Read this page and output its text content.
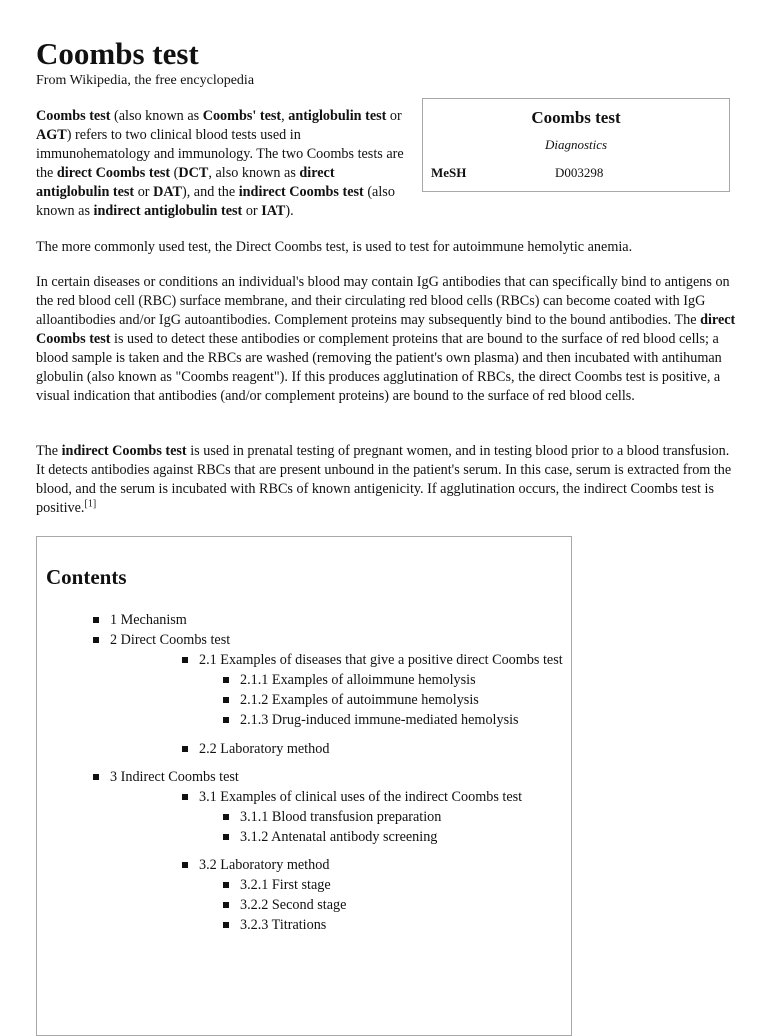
Coombs test
From Wikipedia, the free encyclopedia
Coombs test
Diagnostics
MeSH	D003298

Coombs test (also known as Coombs' test, antiglobulin test or AGT) refers to two clinical blood tests used in immunohematology and immunology. The two Coombs tests are the direct Coombs test (DCT, also known as direct antiglobulin test or DAT), and the indirect Coombs test (also known as indirect antiglobulin test or IAT).

The more commonly used test, the Direct Coombs test, is used to test for autoimmune hemolytic anemia.

In certain diseases or conditions an individual's blood may contain IgG antibodies that can specifically bind to antigens on the red blood cell (RBC) surface membrane, and their circulating red blood cells (RBCs) can become coated with IgG alloantibodies and/or IgG autoantibodies. Complement proteins may subsequently bind to the bound antibodies. The direct Coombs test is used to detect these antibodies or complement proteins that are bound to the surface of red blood cells; a blood sample is taken and the RBCs are washed (removing the patient's own plasma) and then incubated with antihuman globulin (also known as "Coombs reagent"). If this produces agglutination of RBCs, the direct Coombs test is positive, a visual indication that antibodies (and/or complement proteins) are bound to the surface of red blood cells.

The indirect Coombs test is used in prenatal testing of pregnant women, and in testing blood prior to a blood transfusion. It detects antibodies against RBCs that are present unbound in the patient's serum. In this case, serum is extracted from the blood, and the serum is incubated with RBCs of known antigenicity. If agglutination occurs, the indirect Coombs test is positive.[1]

Contents
1 Mechanism
2 Direct Coombs test
2.1 Examples of diseases that give a positive direct Coombs test
2.1.1 Examples of alloimmune hemolysis
2.1.2 Examples of autoimmune hemolysis
2.1.3 Drug-induced immune-mediated hemolysis
2.2 Laboratory method
3 Indirect Coombs test
3.1 Examples of clinical uses of the indirect Coombs test
3.1.1 Blood transfusion preparation
3.1.2 Antenatal antibody screening
3.2 Laboratory method
3.2.1 First stage
3.2.2 Second stage
3.2.3 Titrations
